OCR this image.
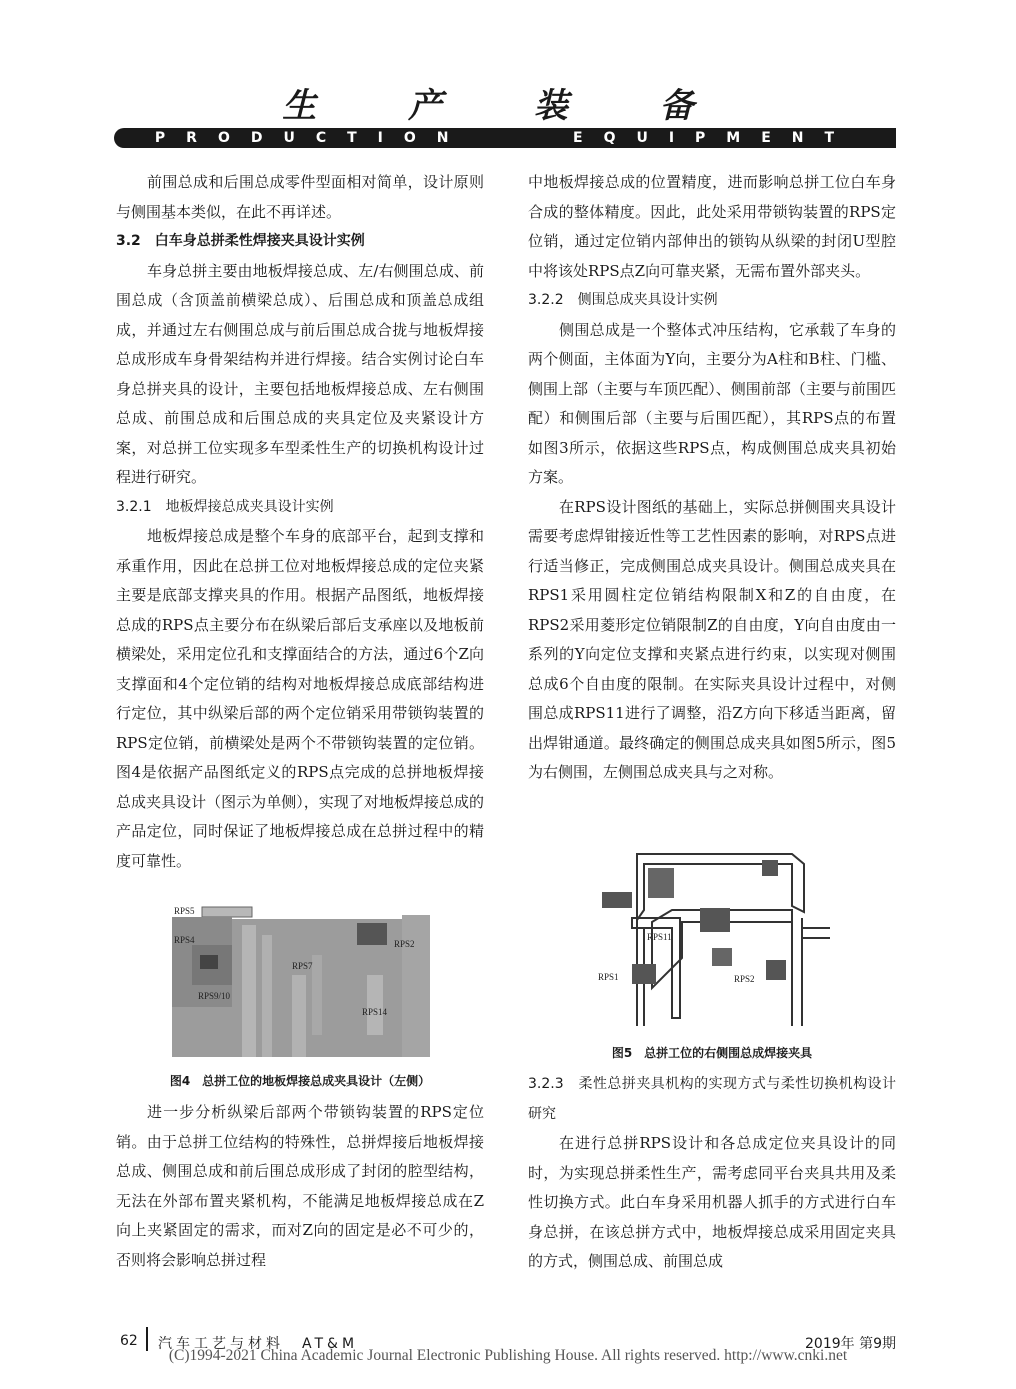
生 产 装 备
PRODUCTION    EQUIPMENT

前围总成和后围总成零件型面相对简单，设计原则与侧围基本类似，在此不再详述。

3.2　白车身总拼柔性焊接夹具设计实例

车身总拼主要由地板焊接总成、左/右侧围总成、前围总成（含顶盖前横梁总成）、后围总成和顶盖总成组成，并通过左右侧围总成与前后围总成合拢与地板焊接总成形成车身骨架结构并进行焊接。结合实例讨论白车身总拼夹具的设计，主要包括地板焊接总成、左右侧围总成、前围总成和后围总成的夹具定位及夹紧设计方案，对总拼工位实现多车型柔性生产的切换机构设计过程进行研究。

3.2.1　地板焊接总成夹具设计实例

地板焊接总成是整个车身的底部平台，起到支撑和承重作用，因此在总拼工位对地板焊接总成的定位夹紧主要是底部支撑夹具的作用。根据产品图纸，地板焊接总成的RPS点主要分布在纵梁后部后支承座以及地板前横梁处，采用定位孔和支撑面结合的方法，通过6个Z向支撑面和4个定位销的结构对地板焊接总成底部结构进行定位，其中纵梁后部的两个定位销采用带锁钩装置的RPS定位销，前横梁处是两个不带锁钩装置的定位销。图4是依据产品图纸定义的RPS点完成的总拼地板焊接总成夹具设计（图示为单侧），实现了对地板焊接总成的产品定位，同时保证了地板焊接总成在总拼过程中的精度可靠性。

RPS5
RPS4	RPS2
RPS7
RPS9/10
RPS14
图4　总拼工位的地板焊接总成夹具设计（左侧）

进一步分析纵梁后部两个带锁钩装置的RPS定位销。由于总拼工位结构的特殊性，总拼焊接后地板焊接总成、侧围总成和前后围总成形成了封闭的腔型结构，无法在外部布置夹紧机构，不能满足地板焊接总成在Z向上夹紧固定的需求，而对Z向的固定是必不可少的，否则将会影响总拼过程

中地板焊接总成的位置精度，进而影响总拼工位白车身合成的整体精度。因此，此处采用带锁钩装置的RPS定位销，通过定位销内部伸出的锁钩从纵梁的封闭U型腔中将该处RPS点Z向可靠夹紧，无需布置外部夹头。

3.2.2　侧围总成夹具设计实例

侧围总成是一个整体式冲压结构，它承载了车身的两个侧面，主体面为Y向，主要分为A柱和B柱、门槛、侧围上部（主要与车顶匹配）、侧围前部（主要与前围匹配）和侧围后部（主要与后围匹配），其RPS点的布置如图3所示，依据这些RPS点，构成侧围总成夹具初始方案。

在RPS设计图纸的基础上，实际总拼侧围夹具设计需要考虑焊钳接近性等工艺性因素的影响，对RPS点进行适当修正，完成侧围总成夹具设计。侧围总成夹具在RPS1采用圆柱定位销结构限制X和Z的自由度，在RPS2采用菱形定位销限制Z的自由度，Y向自由度由一系列的Y向定位支撑和夹紧点进行约束，以实现对侧围总成6个自由度的限制。在实际夹具设计过程中，对侧围总成RPS11进行了调整，沿Z方向下移适当距离，留出焊钳通道。最终确定的侧围总成夹具如图5所示，图5为右侧围，左侧围总成夹具与之对称。

RPS11
RPS1	RPS2
图5　总拼工位的右侧围总成焊接夹具

3.2.3　柔性总拼夹具机构的实现方式与柔性切换机构设计研究

在进行总拼RPS设计和各总成定位夹具设计的同时，为实现总拼柔性生产，需考虑同平台夹具共用及柔性切换方式。此白车身采用机器人抓手的方式进行白车身总拼，在该总拼方式中，地板焊接总成采用固定夹具的方式，侧围总成、前围总成

62 汽车工艺与材料　AT&M	2019年 第9期
(C)1994-2021 China Academic Journal Electronic Publishing House. All rights reserved. http://www.cnki.net
